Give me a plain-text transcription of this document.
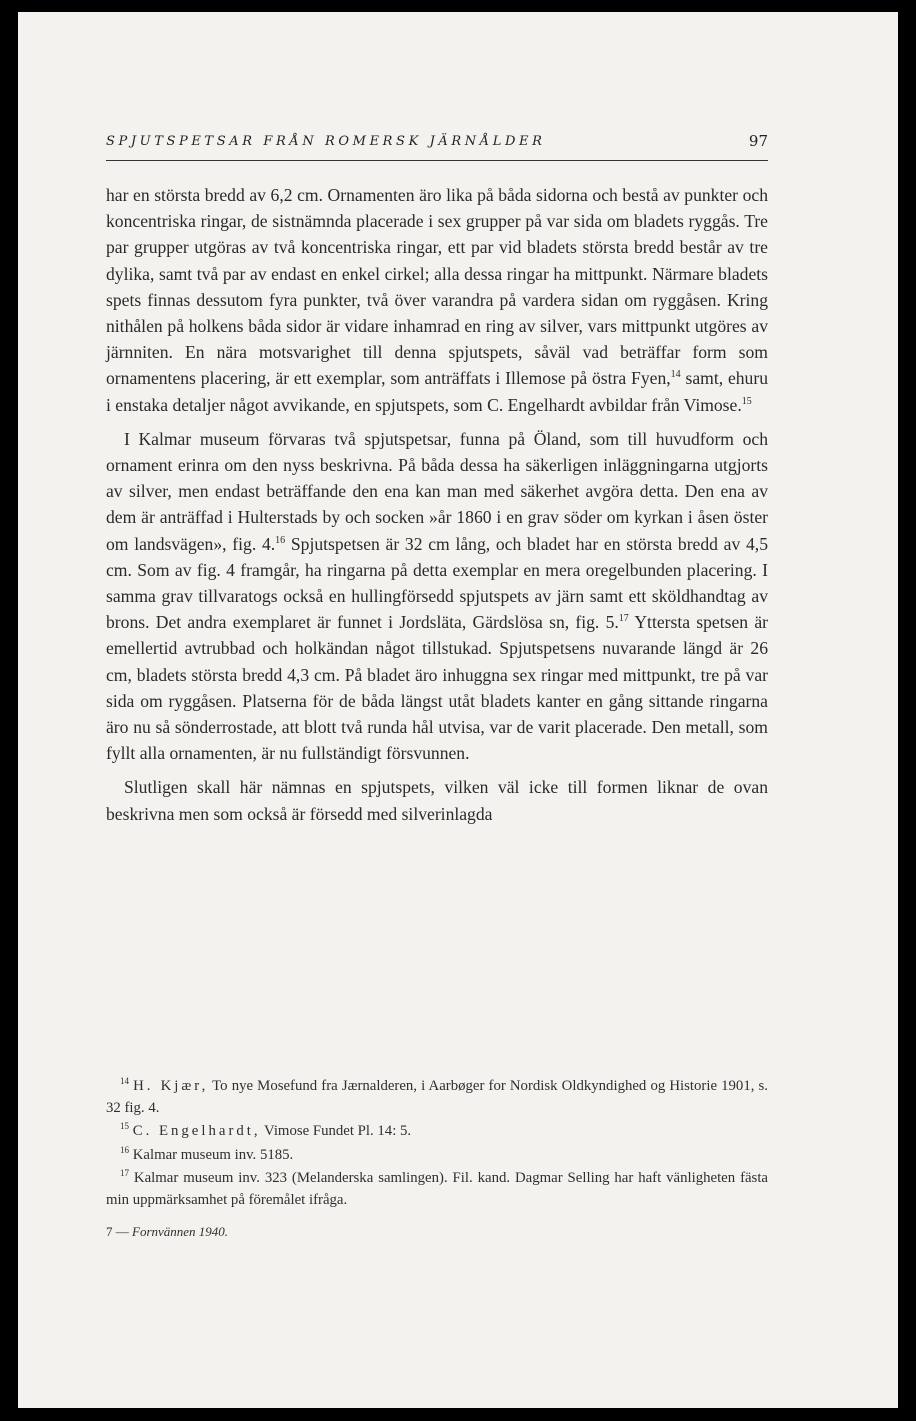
SPJUTSPETSAR FRÅN ROMERSK JÄRNÅLDER	97

har en största bredd av 6,2 cm. Ornamenten äro lika på båda sidorna och bestå av punkter och koncentriska ringar, de sistnämnda placerade i sex grupper på var sida om bladets ryggås. Tre par grupper utgöras av två koncentriska ringar, ett par vid bladets största bredd består av tre dylika, samt två par av endast en enkel cirkel; alla dessa ringar ha mittpunkt. Närmare bladets spets finnas dessutom fyra punkter, två över varandra på vardera sidan om ryggåsen. Kring nithålen på holkens båda sidor är vidare inhamrad en ring av silver, vars mittpunkt utgöres av järnniten. En nära motsvarighet till denna spjutspets, såväl vad beträffar form som ornamentens placering, är ett exemplar, som anträffats i Illemose på östra Fyen,$^{14}$ samt, ehuru i enstaka detaljer något avvikande, en spjutspets, som C. Engelhardt avbildar från Vimose.$^{15}$

I Kalmar museum förvaras två spjutspetsar, funna på Öland, som till huvudform och ornament erinra om den nyss beskrivna. På båda dessa ha säkerligen inläggningarna utgjorts av silver, men endast beträffande den ena kan man med säkerhet avgöra detta. Den ena av dem är anträffad i Hulterstads by och socken »år 1860 i en grav söder om kyrkan i åsen öster om landsvägen», fig. 4.16 Spjutspetsen är 32 cm lång, och bladet har en största bredd av 4,5 cm. Som av fig. 4 framgår, ha ringarna på detta exemplar en mera oregelbunden placering. I samma grav tillvaratogs också en hullingförsedd spjutspets av järn samt ett sköldhandtag av brons. Det andra exemplaret är funnet i Jordsläta, Gärdslösa sn, fig. 5.17 Yttersta spetsen är emellertid avtrubbad och holkändan något tillstukad. Spjutspetsens nuvarande längd är 26 cm, bladets största bredd 4,3 cm. På bladet äro inhuggna sex ringar med mittpunkt, tre på var sida om ryggåsen. Platserna för de båda längst utåt bladets kanter en gång sittande ringarna äro nu så sönderrostade, att blott två runda hål utvisa, var de varit placerade. Den metall, som fyllt alla ornamenten, är nu fullständigt försvunnen.

Slutligen skall här nämnas en spjutspets, vilken väl icke till formen liknar de ovan beskrivna men som också är försedd med silverinlagda

$^{14}$ H. Kjær, To nye Mosefund fra Jærnalderen, i Aarbøger for Nordisk Oldkyndighed og Historie 1901, s. 32 fig. 4.

$^{15}$ C. Engelhardt, Vimose Fundet Pl. 14: 5.

$^{16}$ Kalmar museum inv. 5185.

$^{17}$ Kalmar museum inv. 323 (Melanderska samlingen). Fil. kand. Dagmar Selling har haft vänligheten fästa min uppmärksamhet på föremålet ifråga.

7 — Fornvännen 1940.
